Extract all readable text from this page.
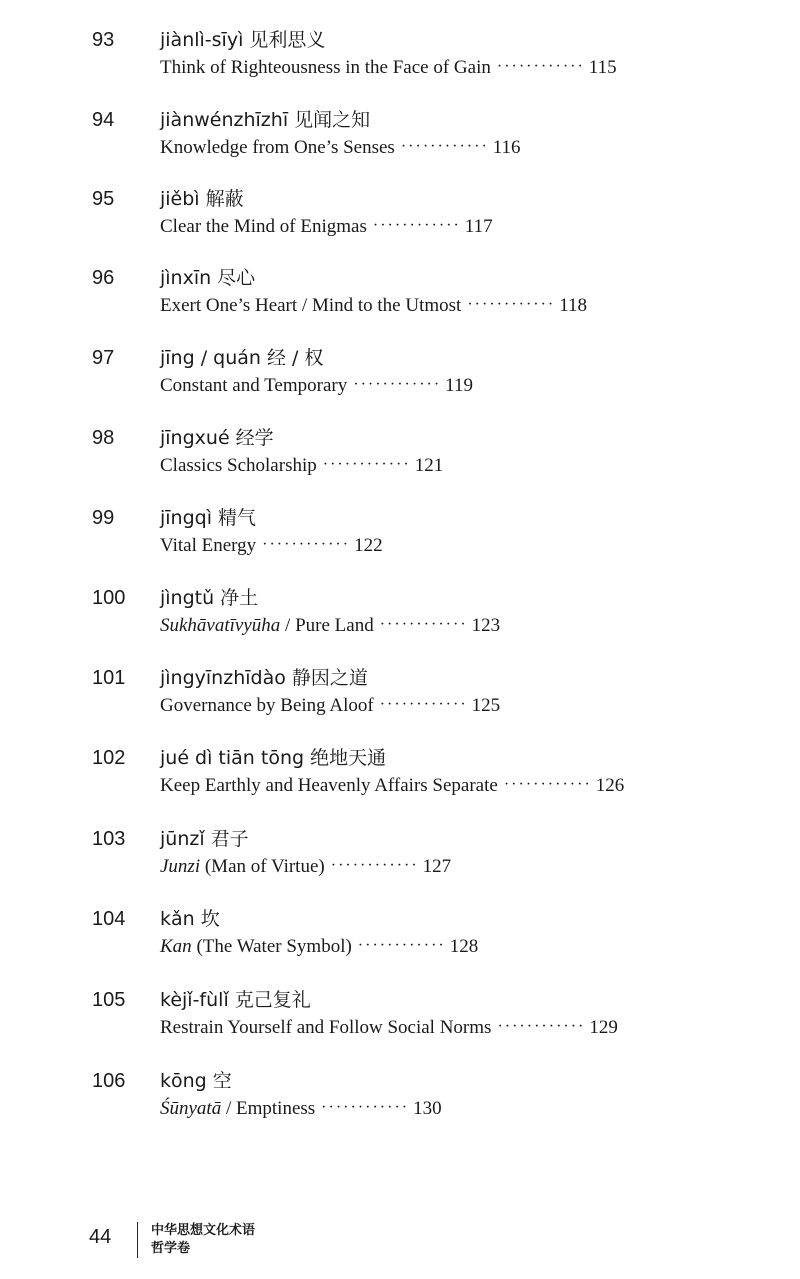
93 jiànlì-sīyì 见利思义
Think of Righteousness in the Face of Gain ············ 115
94 jiànwénzhīzhī 见闻之知
Knowledge from One’s Senses ············ 116
95 jiěbì 解蔽
Clear the Mind of Enigmas ············ 117
96 jìnxīn 尽心
Exert One’s Heart / Mind to the Utmost ············ 118
97 jīng / quán 经 / 权
Constant and Temporary ············ 119
98 jīngxué 经学
Classics Scholarship ············ 121
99 jīngqì 精气
Vital Energy ············ 122
100 jìngtǔ 净土
Sukhāvatīvyūha / Pure Land ············ 123
101 jìngyīnzhīdào 静因之道
Governance by Being Aloof ············ 125
102 jué dì tiān tōng 绝地天通
Keep Earthly and Heavenly Affairs Separate ············ 126
103 jūnzǐ 君子
Junzi (Man of Virtue) ············ 127
104 kǎn 坎
Kan (The Water Symbol) ············ 128
105 kèjǐ-fùlǐ 克己复礼
Restrain Yourself and Follow Social Norms ············ 129
106 kōng 空
Śūnyatā / Emptiness ············ 130
44	中华思想文化术语
哲学卷
